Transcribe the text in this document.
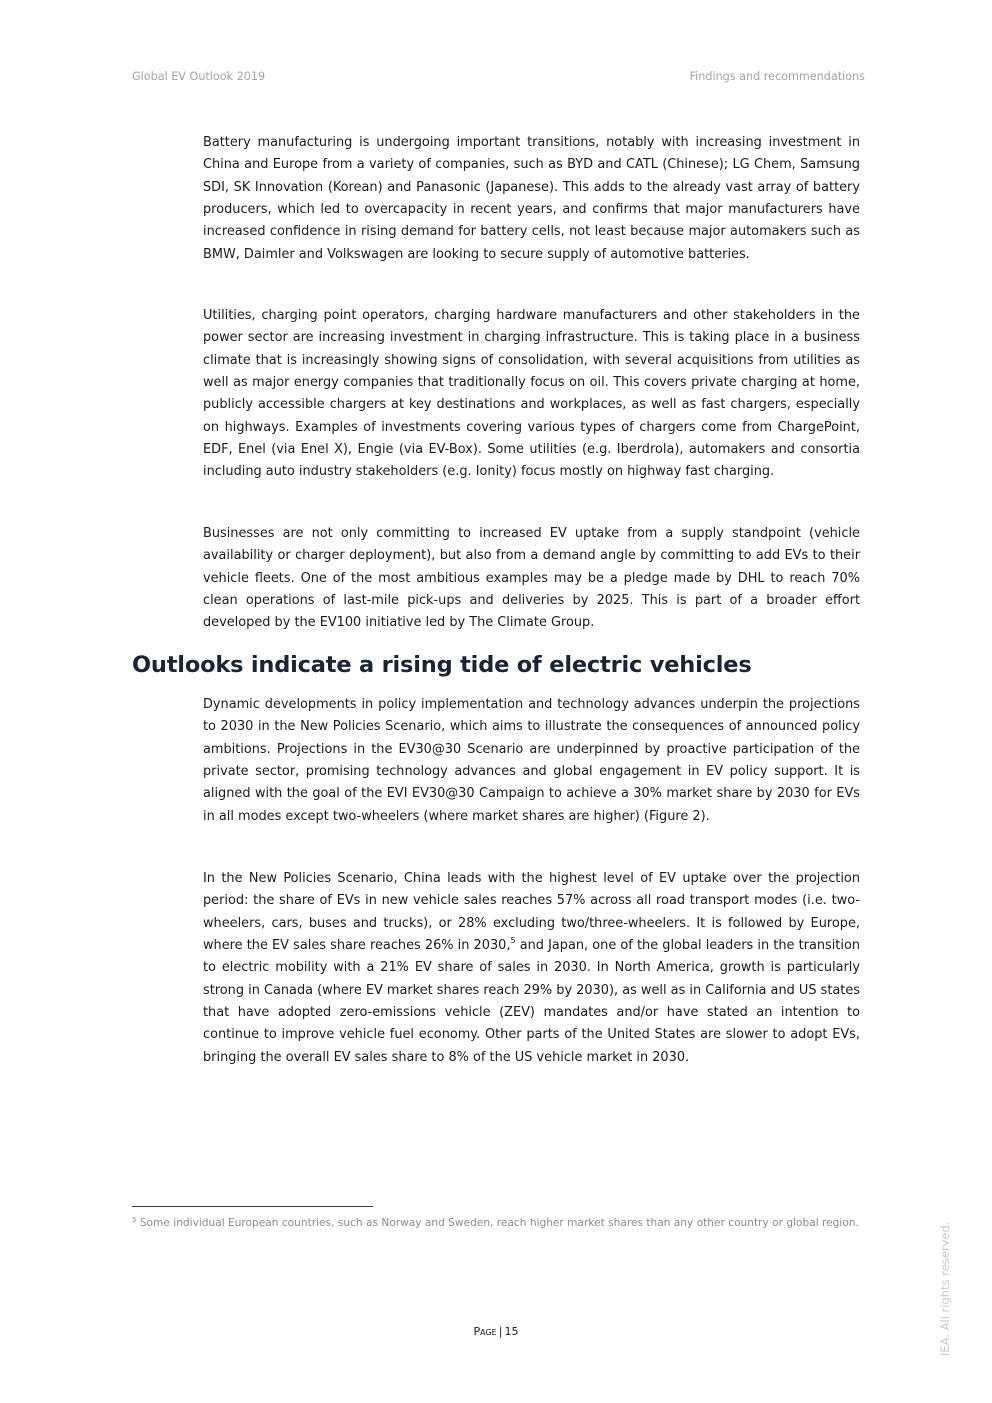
Global EV Outlook 2019	Findings and recommendations

Battery manufacturing is undergoing important transitions, notably with increasing investment in China and Europe from a variety of companies, such as BYD and CATL (Chinese); LG Chem, Samsung SDI, SK Innovation (Korean) and Panasonic (Japanese). This adds to the already vast array of battery producers, which led to overcapacity in recent years, and confirms that major manufacturers have increased confidence in rising demand for battery cells, not least because major automakers such as BMW, Daimler and Volkswagen are looking to secure supply of automotive batteries.

Utilities, charging point operators, charging hardware manufacturers and other stakeholders in the power sector are increasing investment in charging infrastructure. This is taking place in a business climate that is increasingly showing signs of consolidation, with several acquisitions from utilities as well as major energy companies that traditionally focus on oil. This covers private charging at home, publicly accessible chargers at key destinations and workplaces, as well as fast chargers, especially on highways. Examples of investments covering various types of chargers come from ChargePoint, EDF, Enel (via Enel X), Engie (via EV-Box). Some utilities (e.g. Iberdrola), automakers and consortia including auto industry stakeholders (e.g. Ionity) focus mostly on highway fast charging.

Businesses are not only committing to increased EV uptake from a supply standpoint (vehicle availability or charger deployment), but also from a demand angle by committing to add EVs to their vehicle fleets. One of the most ambitious examples may be a pledge made by DHL to reach 70% clean operations of last-mile pick-ups and deliveries by 2025. This is part of a broader effort developed by the EV100 initiative led by The Climate Group.

Outlooks indicate a rising tide of electric vehicles

Dynamic developments in policy implementation and technology advances underpin the projections to 2030 in the New Policies Scenario, which aims to illustrate the consequences of announced policy ambitions. Projections in the EV30@30 Scenario are underpinned by proactive participation of the private sector, promising technology advances and global engagement in EV policy support. It is aligned with the goal of the EVI EV30@30 Campaign to achieve a 30% market share by 2030 for EVs in all modes except two-wheelers (where market shares are higher) (Figure 2).

In the New Policies Scenario, China leads with the highest level of EV uptake over the projection period: the share of EVs in new vehicle sales reaches 57% across all road transport modes (i.e. two-wheelers, cars, buses and trucks), or 28% excluding two/three-wheelers. It is followed by Europe, where the EV sales share reaches 26% in 2030,$^5$ and Japan, one of the global leaders in the transition to electric mobility with a 21% EV share of sales in 2030. In North America, growth is particularly strong in Canada (where EV market shares reach 29% by 2030), as well as in California and US states that have adopted zero-emissions vehicle (ZEV) mandates and/or have stated an intention to continue to improve vehicle fuel economy. Other parts of the United States are slower to adopt EVs, bringing the overall EV sales share to 8% of the US vehicle market in 2030.

$^5$ Some individual European countries, such as Norway and Sweden, reach higher market shares than any other country or global region.

Page | 15	IEA. All rights reserved.
